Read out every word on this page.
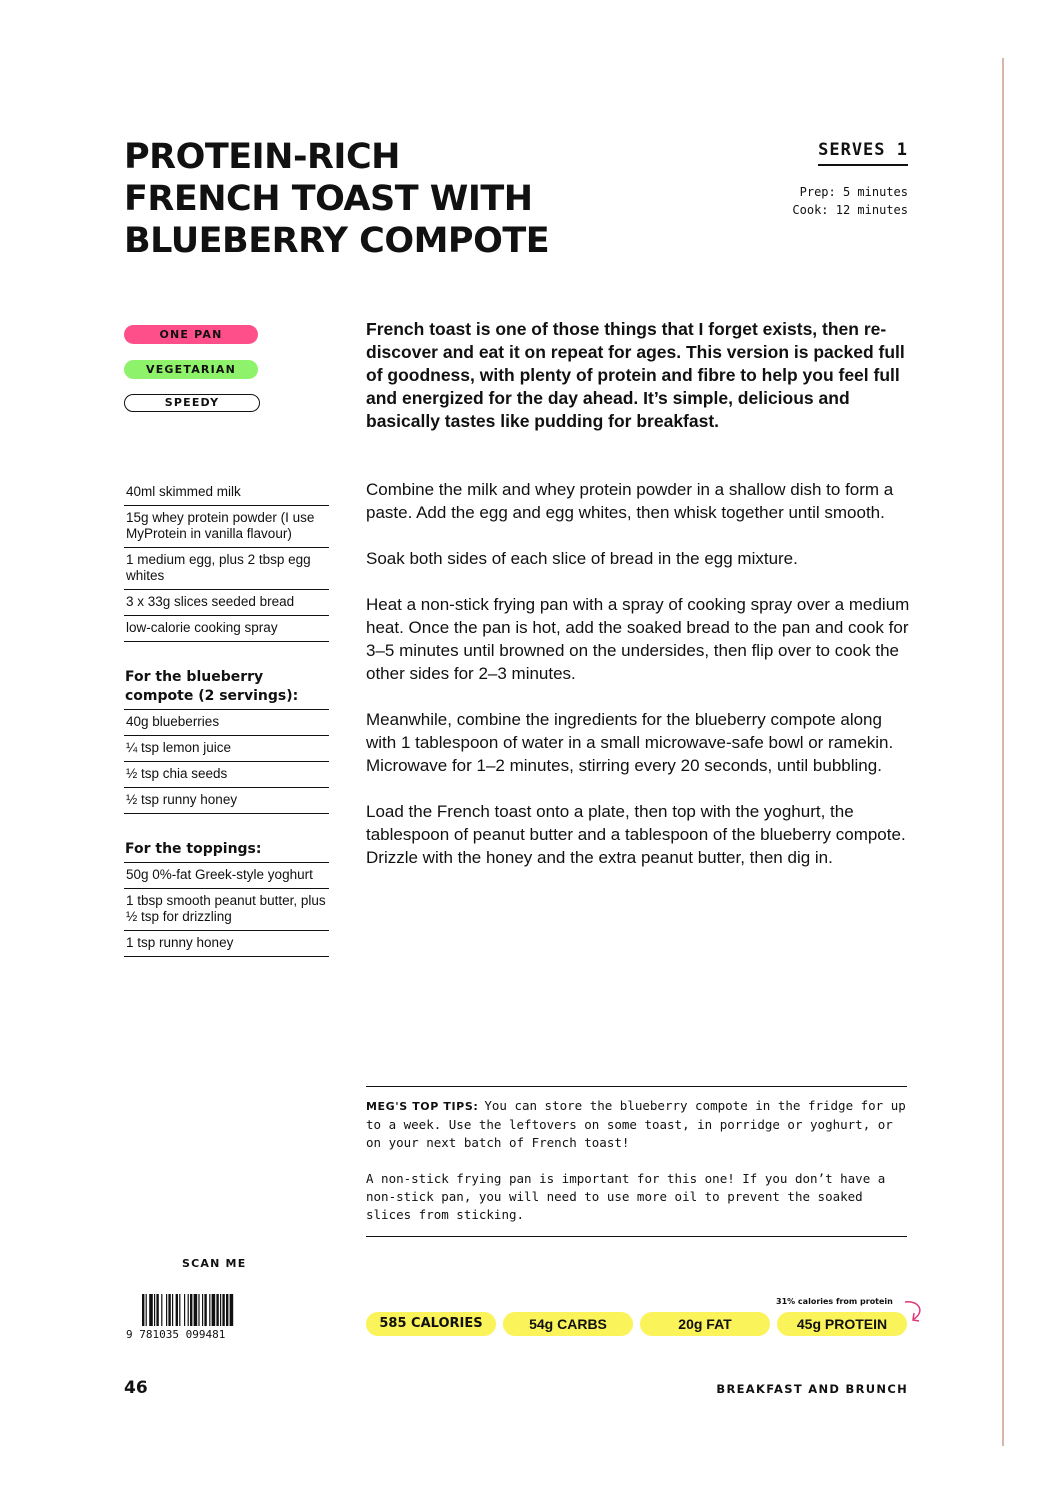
PROTEIN-RICH
FRENCH TOAST WITH
BLUEBERRY COMPOTE
SERVES 1
Prep: 5 minutes
Cook: 12 minutes
ONE PAN
VEGETARIAN
SPEEDY

French toast is one of those things that I forget exists, then re-discover and eat it on repeat for ages. This version is packed full of goodness, with plenty of protein and fibre to help you feel full and energized for the day ahead. It’s simple, delicious and basically tastes like pudding for breakfast.

40ml skimmed milk
15g whey protein powder (I use MyProtein in vanilla flavour)
1 medium egg, plus 2 tbsp egg whites
3 x 33g slices seeded bread
low-calorie cooking spray
For the blueberry compote (2 servings):
40g blueberries
¼ tsp lemon juice
½ tsp chia seeds
½ tsp runny honey
For the toppings:
50g 0%-fat Greek-style yoghurt
1 tbsp smooth peanut butter, plus ½ tsp for drizzling
1 tsp runny honey

Combine the milk and whey protein powder in a shallow dish to form a paste. Add the egg and egg whites, then whisk together until smooth.

Soak both sides of each slice of bread in the egg mixture.

Heat a non-stick frying pan with a spray of cooking spray over a medium heat. Once the pan is hot, add the soaked bread to the pan and cook for 3–5 minutes until browned on the undersides, then flip over to cook the other sides for 2–3 minutes.

Meanwhile, combine the ingredients for the blueberry compote along with 1 tablespoon of water in a small microwave-safe bowl or ramekin. Microwave for 1–2 minutes, stirring every 20 seconds, until bubbling.

Load the French toast onto a plate, then top with the yoghurt, the tablespoon of peanut butter and a tablespoon of the blueberry compote. Drizzle with the honey and the extra peanut butter, then dig in.

MEG'S TOP TIPS: You can store the blueberry compote in the fridge for up to a week. Use the leftovers on some toast, in porridge or yoghurt, or on your next batch of French toast!

A non-stick frying pan is important for this one! If you don’t have a non-stick pan, you will need to use more oil to prevent the soaked slices from sticking.

SCAN ME
9 781035 099481
31% calories from protein
585 CALORIES	54g CARBS	20g FAT	45g PROTEIN
46	BREAKFAST AND BRUNCH
